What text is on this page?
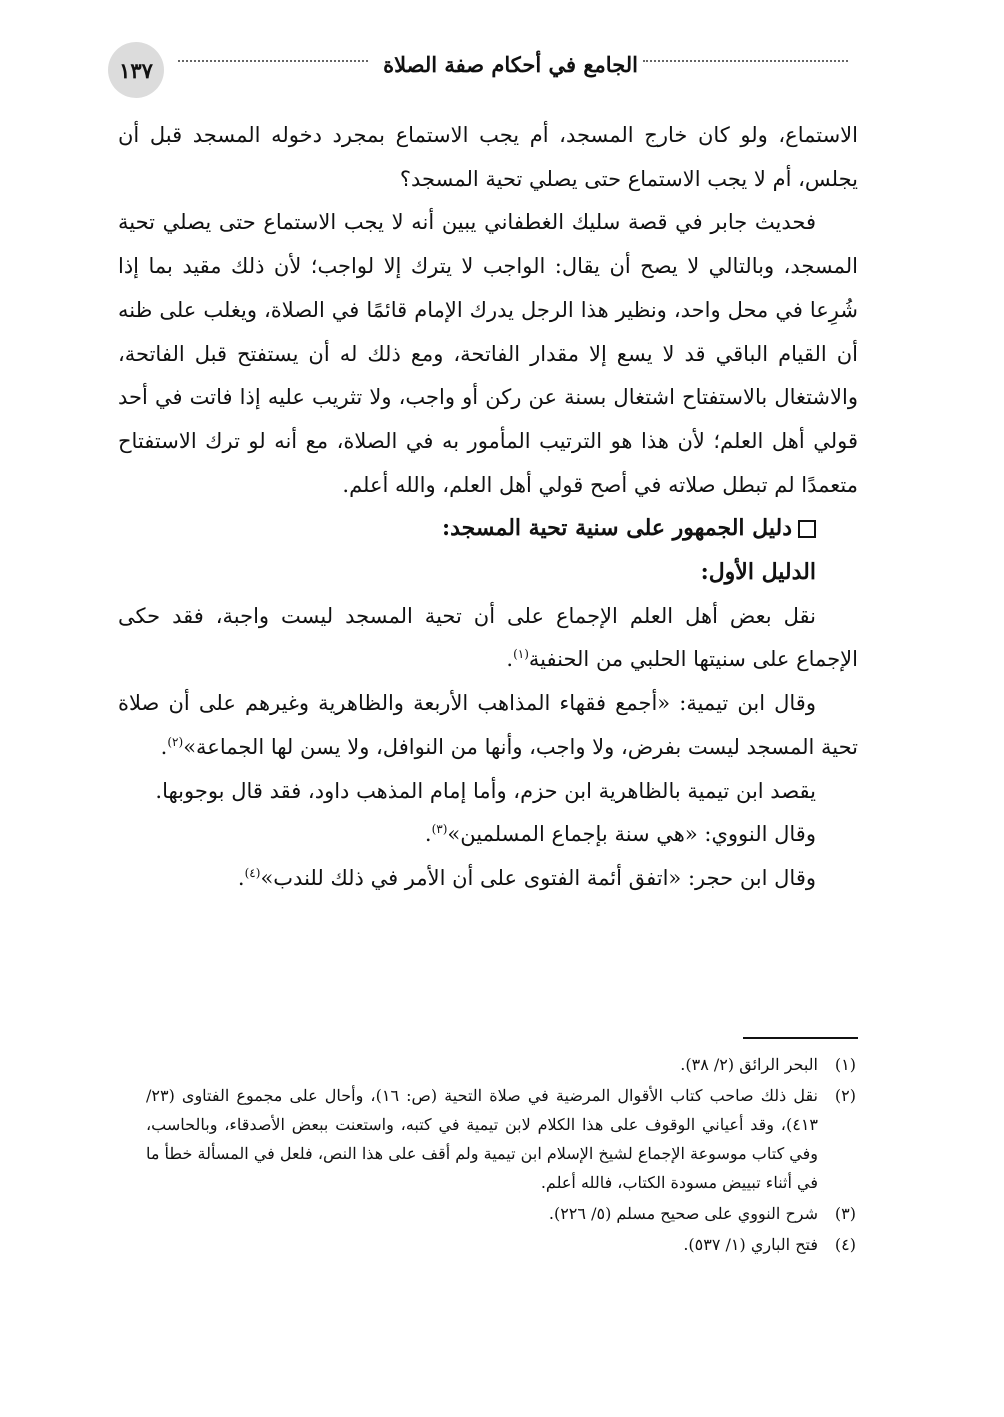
الجامع في أحكام صفة الصلاة
١٣٧

الاستماع، ولو كان خارج المسجد، أم يجب الاستماع بمجرد دخوله المسجد قبل أن يجلس، أم لا يجب الاستماع حتى يصلي تحية المسجد؟

فحديث جابر في قصة سليك الغطفاني يبين أنه لا يجب الاستماع حتى يصلي تحية المسجد، وبالتالي لا يصح أن يقال: الواجب لا يترك إلا لواجب؛ لأن ذلك مقيد بما إذا شُرِعا في محل واحد، ونظير هذا الرجل يدرك الإمام قائمًا في الصلاة، ويغلب على ظنه أن القيام الباقي قد لا يسع إلا مقدار الفاتحة، ومع ذلك له أن يستفتح قبل الفاتحة، والاشتغال بالاستفتاح اشتغال بسنة عن ركن أو واجب، ولا تثريب عليه إذا فاتت في أحد قولي أهل العلم؛ لأن هذا هو الترتيب المأمور به في الصلاة، مع أنه لو ترك الاستفتاح متعمدًا لم تبطل صلاته في أصح قولي أهل العلم، والله أعلم.

دليل الجمهور على سنية تحية المسجد:

الدليل الأول:

نقل بعض أهل العلم الإجماع على أن تحية المسجد ليست واجبة، فقد حكى الإجماع على سنيتها الحلبي من الحنفية$^{(١)}$.

وقال ابن تيمية: «أجمع فقهاء المذاهب الأربعة والظاهرية وغيرهم على أن صلاة تحية المسجد ليست بفرض، ولا واجب، وأنها من النوافل، ولا يسن لها الجماعة»$^{(٢)}$.

يقصد ابن تيمية بالظاهرية ابن حزم، وأما إمام المذهب داود، فقد قال بوجوبها.

وقال النووي: «هي سنة بإجماع المسلمين»$^{(٣)}$.

وقال ابن حجر: «اتفق أئمة الفتوى على أن الأمر في ذلك للندب»$^{(٤)}$.

(١)
البحر الرائق (٢/ ٣٨).
(٢)
نقل ذلك صاحب كتاب الأقوال المرضية في صلاة التحية (ص: ١٦)، وأحال على مجموع الفتاوى (٢٣/ ٤١٣)، وقد أعياني الوقوف على هذا الكلام لابن تيمية في كتبه، واستعنت ببعض الأصدقاء، وبالحاسب، وفي كتاب موسوعة الإجماع لشيخ الإسلام ابن تيمية ولم أقف على هذا النص، فلعل في المسألة خطأ ما في أثناء تبييض مسودة الكتاب، فالله أعلم.
(٣)
شرح النووي على صحيح مسلم (٥/ ٢٢٦).
(٤)
فتح الباري (١/ ٥٣٧).
